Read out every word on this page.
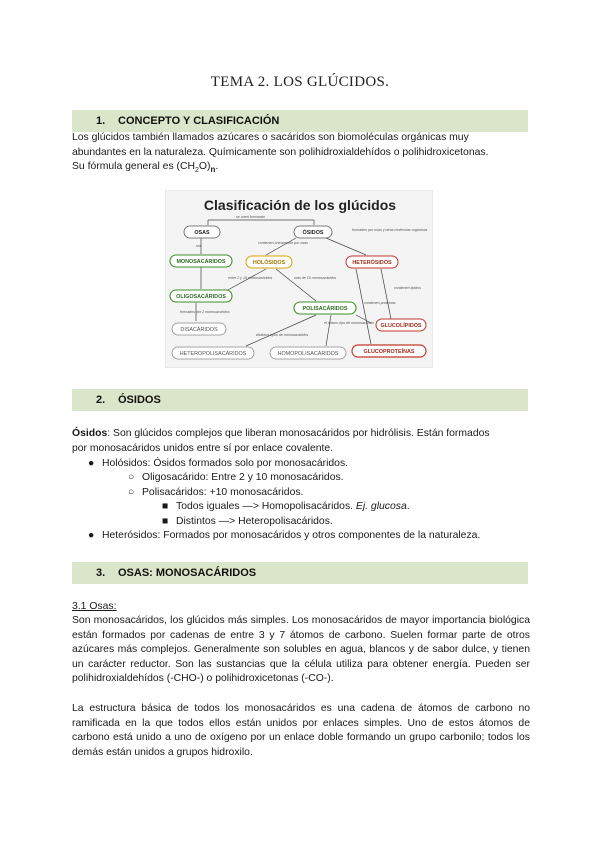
TEMA 2. LOS GLÚCIDOS.
1. CONCEPTO Y CLASIFICACIÓN
Los glúcidos también llamados azúcares o sacáridos son biomoléculas orgánicas muy
abundantes en la naturaleza. Químicamente son polihidroxialdehídos o polihidroxicetonas.
Su fórmula general es $(CH_2O)_n$.
Clasificación de los glúcidos
se unen formando
son
contienen únicamente por osas
formados por osas y otras moléculas orgánicas
entre 2 y 10 monosacáridos	más de 10 monosacáridos
formados por 2 monosacáridos
contienen proteínas
contienen lípidos
distintos tipos de monosacáridos
el mismo tipo de monosacárido
OSAS	ÓSIDOS
MONOSACÁRIDOS	HOLÓSIDOS	HETERÓSIDOS
OLIGOSACÁRIDOS
POLISACÁRIDOS
DISACÁRIDOS
GLUCOLÍPIDOS
HETEROPOLISACÁRIDOS	HOMOPOLISACÁRIDOS	GLUCOPROTEÍNAS
2. ÓSIDOS
Ósidos: Son glúcidos complejos que liberan monosacáridos por hidrólisis. Están formados
por monosacáridos unidos entre sí por enlace covalente.
● Holósidos: Ósidos formados solo por monosacáridos.
○ Oligosacárido: Entre 2 y 10 monosacáridos.
○ Polisacáridos: +10 monosacáridos.
■ Todos iguales —> Homopolisacáridos. Ej. glucosa.
■ Distintos —> Heteropolisacáridos.
● Heterósidos: Formados por monosacáridos y otros componentes de la naturaleza.
3. OSAS: MONOSACÁRIDOS
3.1 Osas:

Son monosacáridos, los glúcidos más simples. Los monosacáridos de mayor importancia biológica están formados por cadenas de entre 3 y 7 átomos de carbono. Suelen formar parte de otros azúcares más complejos. Generalmente son solubles en agua, blancos y de sabor dulce, y tienen un carácter reductor. Son las sustancias que la célula utiliza para obtener energía. Pueden ser polihidroxialdehídos (-CHO-) o polihidroxicetonas (-CO-).

La estructura básica de todos los monosacáridos es una cadena de átomos de carbono no ramificada en la que todos ellos están unidos por enlaces simples. Uno de estos átomos de carbono está unido a uno de oxígeno por un enlace doble formando un grupo carbonilo; todos los demás están unidos a grupos hidroxilo.
